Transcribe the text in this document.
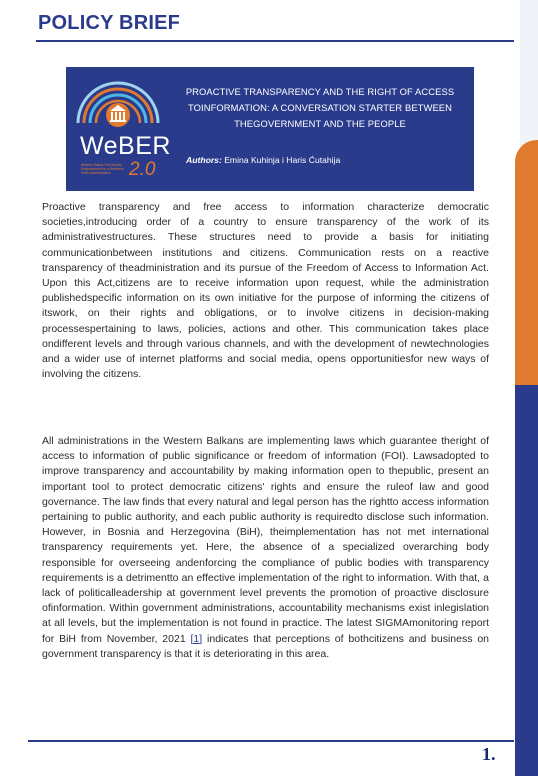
POLICY BRIEF
WeBER
Western Balkan Civil Society Empowerment for a Reformed Public Administration 2.0
PROACTIVE TRANSPARENCY AND THE RIGHT OF ACCESS
TOINFORMATION: A CONVERSATION STARTER BETWEEN
THEGOVERNMENT AND THE PEOPLE
Authors: Emina Kuhinja i Haris Ćutahija

Proactive transparency and free access to information characterize democratic societies,introducing order of a country to ensure transparency of the work of its administrativestructures. These structures need to provide a basis for initiating communicationbetween institutions and citizens. Communication rests on a reactive transparency of theadministration and its pursue of the Freedom of Access to Information Act. Upon this Act,citizens are to receive information upon request, while the administration publishedspecific information on its own initiative for the purpose of informing the citizens of itswork, on their rights and obligations, or to involve citizens in decision-making processespertaining to laws, policies, actions and other. This communication takes place ondifferent levels and through various channels, and with the development of newtechnologies and a wider use of internet platforms and social media, opens opportunitiesfor new ways of involving the citizens.

All administrations in the Western Balkans are implementing laws which guarantee theright of access to information of public significance or freedom of information (FOI). Lawsadopted to improve transparency and accountability by making information open to thepublic, present an important tool to protect democratic citizens' rights and ensure the ruleof law and good governance. The law finds that every natural and legal person has the rightto access information pertaining to public authority, and each public authority is requiredto disclose such information. However, in Bosnia and Herzegovina (BiH), theimplementation has not met international transparency requirements yet. Here, the absence of a specialized overarching body responsible for overseeing andenforcing the compliance of public bodies with transparency requirements is a detrimentto an effective implementation of the right to information. With that, a lack of politicalleadership at government level prevents the promotion of proactive disclosure ofinformation. Within government administrations, accountability mechanisms exist inlegislation at all levels, but the implementation is not found in practice. The latest SIGMAmonitoring report for BiH from November, 2021 [1] indicates that perceptions of bothcitizens and business on government transparency is that it is deteriorating in this area.

1.
